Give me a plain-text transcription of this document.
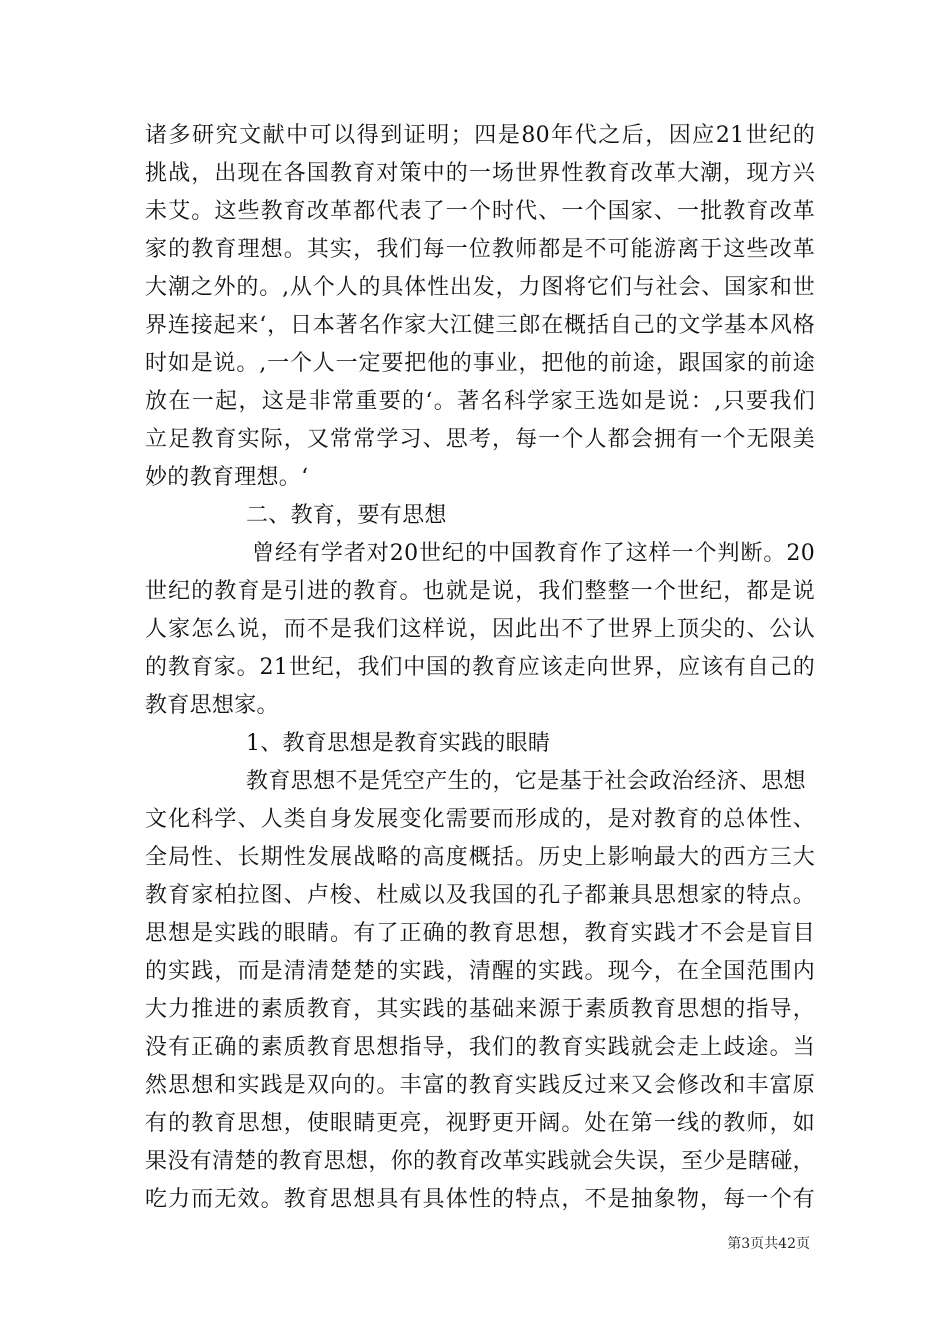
诸多研究文献中可以得到证明；四是80年代之后，因应21世纪的
挑战，出现在各国教育对策中的一场世界性教育改革大潮，现方兴
未艾。这些教育改革都代表了一个时代、一个国家、一批教育改革
家的教育理想。其实，我们每一位教师都是不可能游离于这些改革
大潮之外的。,从个人的具体性出发，力图将它们与社会、国家和世
界连接起来‘，日本著名作家大江健三郎在概括自己的文学基本风格
时如是说。,一个人一定要把他的事业，把他的前途，跟国家的前途
放在一起，这是非常重要的‘。著名科学家王选如是说：,只要我们
立足教育实际，又常常学习、思考，每一个人都会拥有一个无限美
妙的教育理想。‘
二、教育，要有思想
曾经有学者对20世纪的中国教育作了这样一个判断。20
世纪的教育是引进的教育。也就是说，我们整整一个世纪，都是说
人家怎么说，而不是我们这样说，因此出不了世界上顶尖的、公认
的教育家。21世纪，我们中国的教育应该走向世界，应该有自己的
教育思想家。
1、教育思想是教育实践的眼睛
教育思想不是凭空产生的，它是基于社会政治经济、思想
文化科学、人类自身发展变化需要而形成的，是对教育的总体性、
全局性、长期性发展战略的高度概括。历史上影响最大的西方三大
教育家柏拉图、卢梭、杜威以及我国的孔子都兼具思想家的特点。
思想是实践的眼睛。有了正确的教育思想，教育实践才不会是盲目
的实践，而是清清楚楚的实践，清醒的实践。现今，在全国范围内
大力推进的素质教育，其实践的基础来源于素质教育思想的指导，
没有正确的素质教育思想指导，我们的教育实践就会走上歧途。当
然思想和实践是双向的。丰富的教育实践反过来又会修改和丰富原
有的教育思想，使眼睛更亮，视野更开阔。处在第一线的教师，如
果没有清楚的教育思想，你的教育改革实践就会失误，至少是瞎碰，
吃力而无效。教育思想具有具体性的特点，不是抽象物，每一个有
第3页共42页
